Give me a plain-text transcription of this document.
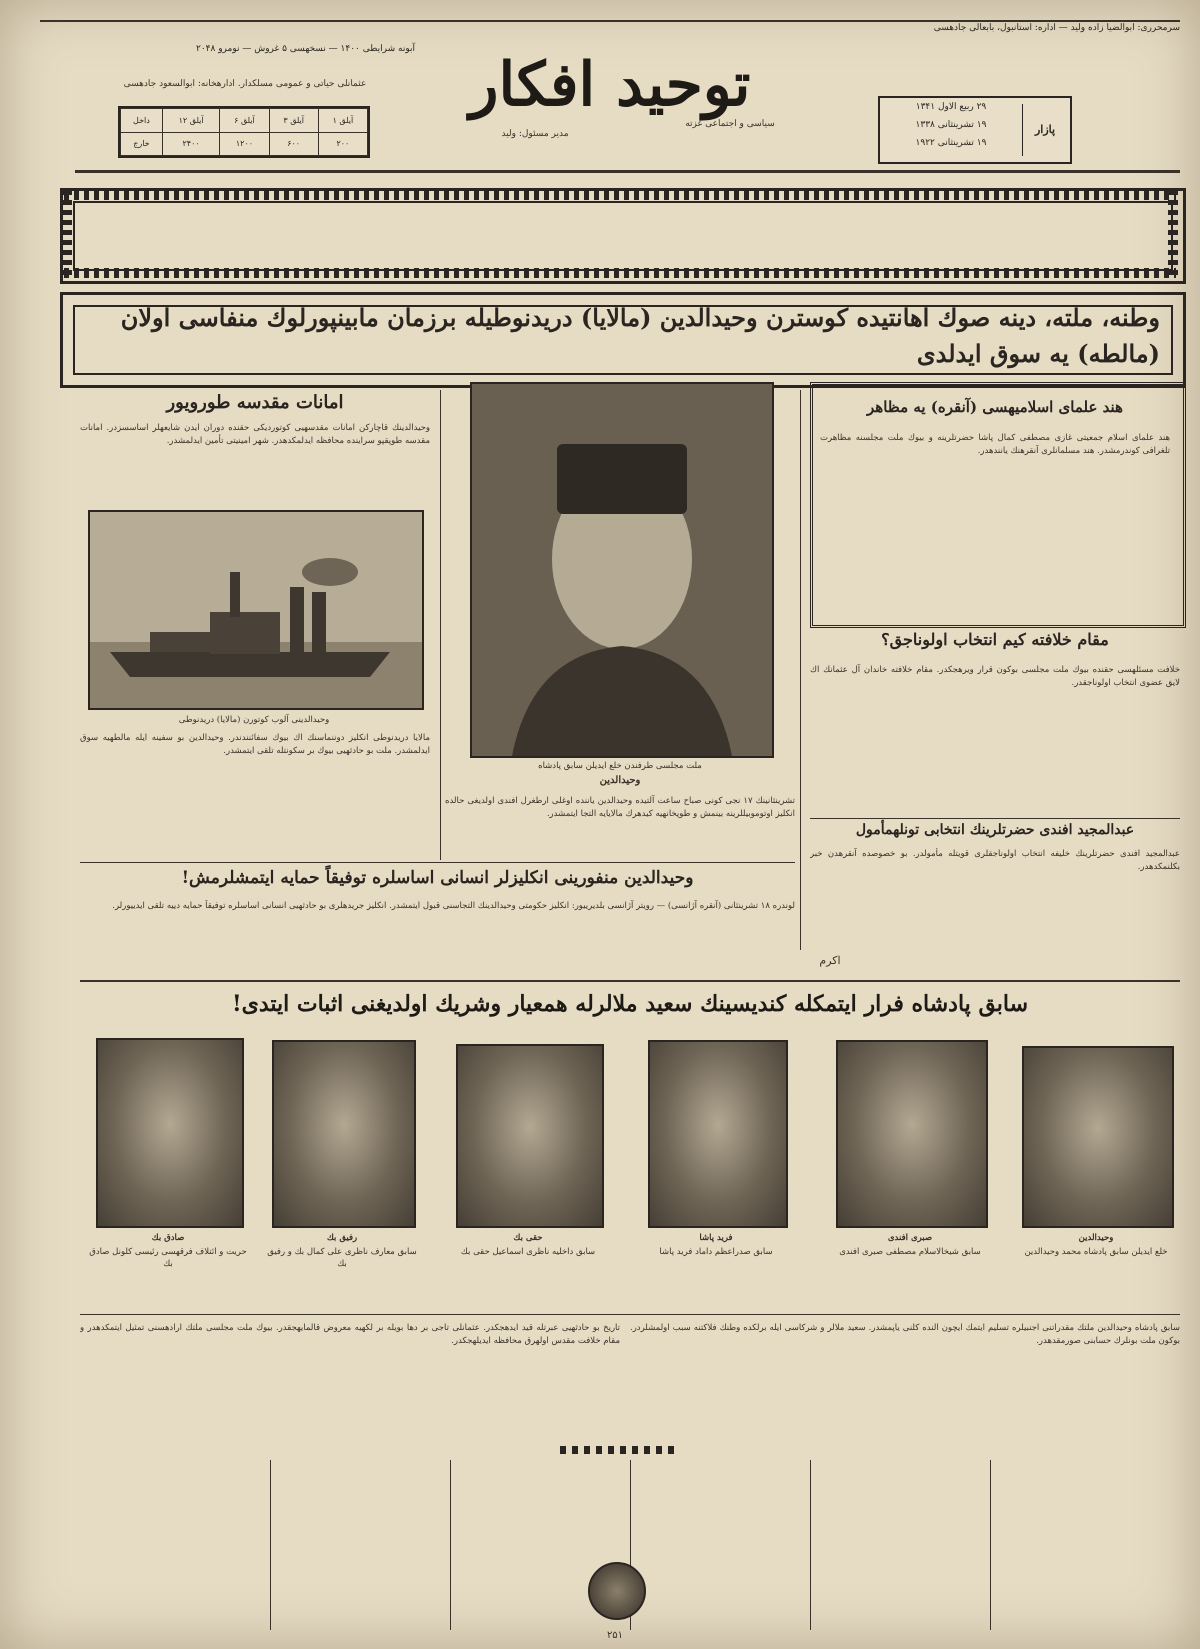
آبونه شرایطی ۱۴۰۰ — نسخهسی ۵ غروش — نومرو ۲۰۴۸
سرمحرری: ابوالضیا زاده ولید — اداره: استانبول، بابعالی جادهسی
داخل	۱۲ آیلق	۶ آیلق	۳ آیلق	۱ آیلق
خارج	۲۴۰۰	۱۲۰۰	۶۰۰	۲۰۰
عثمانلی حیاتی و عمومی مسلکدار. ادارهخانه: ابوالسعود جادهسی	توحید افکار
سیاسی و اجتماعی غزته
مدیر مسئول: ولید	پازار
۲۹ ربیع الاول ۱۳۴۱
۱۹ تشرینثانی ۱۳۳۸
۱۹ تشرینثانی ۱۹۲۲
وطنه، ملته، دینه صوك اهانتیده کوسترن وحیدالدین (مالایا) دریدنوطیله برزمان مابینپورلوك منفاسی اولان (مالطه) یه سوق ایدلدی
امانات مقدسه طورویور
وحیدالدینك قاچارکن امانات مقدسهیی کوتوردیکی حقنده دوران ایدن شایعهلر اساسسزدر. امانات مقدسه طوپقپو سراینده محافظه ایدلمکدهدر. شهر امینیتی تأمین ایدلمشدر.
وحیدالدینی آلوب کوتورن (مالایا) دریدنوطی
مالایا دریدنوطی انکلیز دوننماسنك اك بیوك سفائنندندر. وحیدالدین بو سفینه ایله مالطهیه سوق ایدلمشدر. ملت بو حادثهیی بیوك بر سکونتله تلقی ایتمشدر.
ملت مجلسی طرفندن خلع ایدیلن سابق پادشاه
وحیدالدین
تشرینثانینك ۱۷ نجی کونی صباح ساعت آلتیده وحیدالدین یاننده اوغلی ارطغرل افندی اولدیغی حالده انکلیز اوتوموبیللرینه بینمش و طوپخانهیه کیدهرك مالایایه التجا ایتمشدر.
هند علمای اسلامیهسی (آنقره) یه مظاهر
هند علمای اسلام جمعیتی غازی مصطفی کمال پاشا حضرتلرینه و بیوك ملت مجلسنه مظاهرت تلغرافی کوندرمشدر. هند مسلمانلری آنقرهنك یانندهدر.
مقام خلافته کیم انتخاب اولوناجق؟
خلافت مسئلهسی حقنده بیوك ملت مجلسی بوکون قرار ویرهجکدر. مقام خلافته خاندان آل عثمانك اك لایق عضوی انتخاب اولوناجقدر.
عبدالمجید افندی حضرتلرینك انتخابی تونلهمأمول
عبدالمجید افندی حضرتلرینك خلیفه انتخاب اولوناجقلری قویتله مأمولدر. بو خصوصده آنقرهدن خبر بکلنمکدهدر.
اكرم
وحیدالدین منفورینی انکلیزلر انسانی اساسلره توفیقاً حمایه ایتمشلرمش!
لوندره ۱۸ تشرینثانی (آنقره آژانسی) — رویتر آژانسی بلدیرییور: انکلیز حکومتی وحیدالدینك التجاسنی قبول ایتمشدر. انکلیز جریدهلری بو حادثهیی انسانی اساسلره توفیقاً حمایه دییه تلقی ایدییورلر.
سابق پادشاه فرار ایتمکله کندیسینك سعید ملالرله همعیار وشریك اولدیغنی اثبات ایتدی!
وحیدالدین
خلع ایدیلن سابق پادشاه محمد وحیدالدین
صبری افندی
سابق شیخالاسلام مصطفی صبری افندی
فرید پاشا
سابق صدراعظم داماد فرید پاشا
حقی بك
سابق داخلیه ناظری اسماعیل حقی بك
رفیق بك
سابق معارف ناظری علی کمال بك و رفیق بك
صادق بك
حریت و ائتلاف فرقهسی رئیسی کلونل صادق بك
سابق پادشاه وحیدالدین ملتك مقدراتنی اجنبیلره تسلیم ایتمك ایچون النده کلنی یاپمشدر. سعید ملالر و شرکاسی ایله برلکده وطنك فلاکتنه سبب اولمشلردر. بوکون ملت بونلرك حسابنی صورمقدهدر.
تاریخ بو حادثهیی عبرتله قید ایدهجکدر. عثمانلی تاجی بر دها بویله بر لکهیه معروض قالمایهجقدر. بیوك ملت مجلسی ملتك ارادهسنی تمثیل ایتمکدهدر و مقام خلافت مقدس اولهرق محافظه ایدیلهجکدر.
۲۵۱
